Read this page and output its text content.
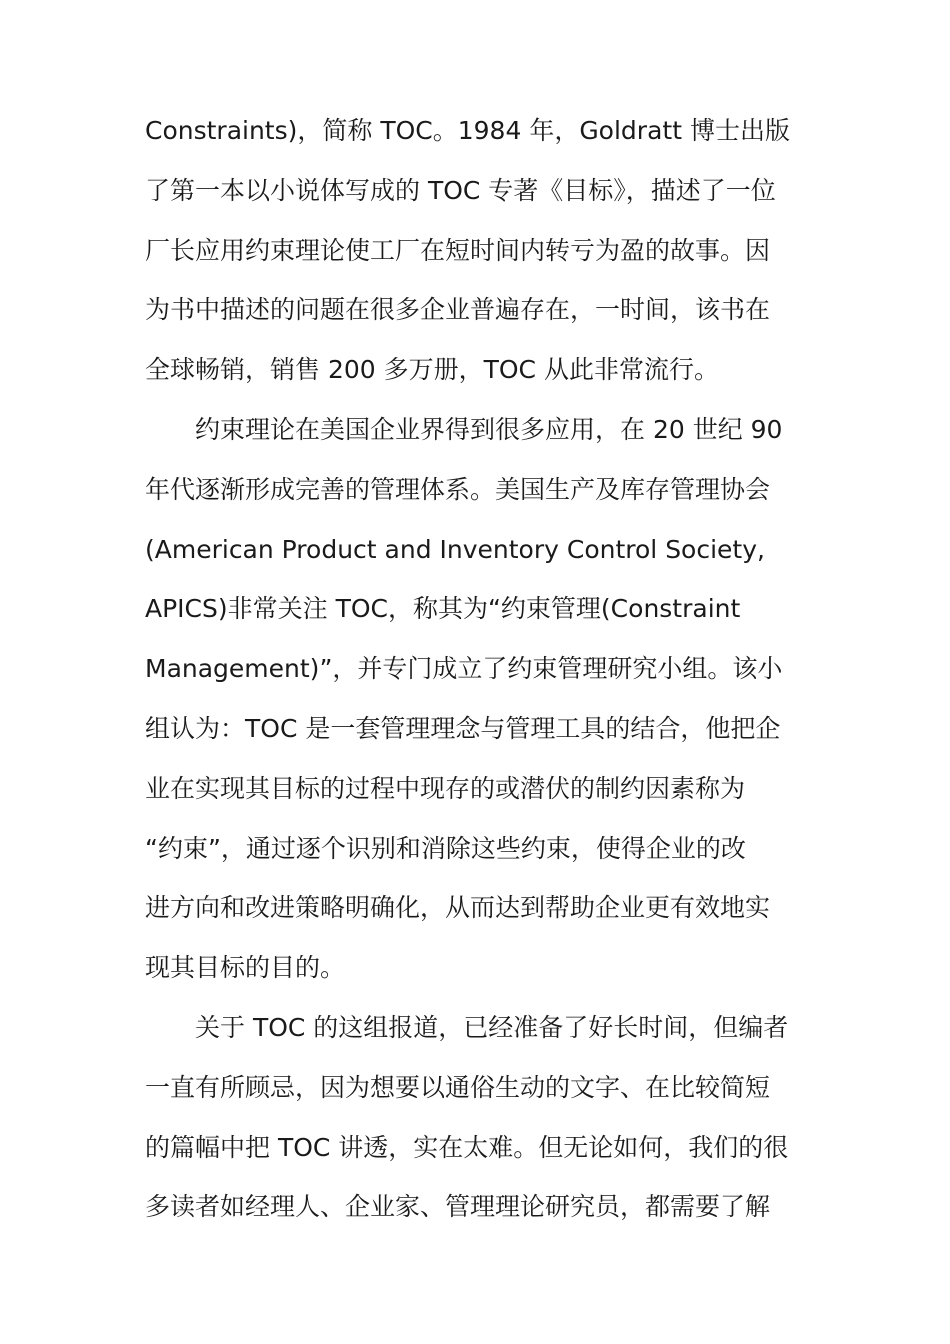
Constraints)，简称 TOC。1984 年，Goldratt 博士出版
了第一本以小说体写成的 TOC 专著《目标》，描述了一位
厂长应用约束理论使工厂在短时间内转亏为盈的故事。因
为书中描述的问题在很多企业普遍存在，一时间，该书在
全球畅销，销售 200 多万册，TOC 从此非常流行。
约束理论在美国企业界得到很多应用，在 20 世纪 90
年代逐渐形成完善的管理体系。美国生产及库存管理协会
(American Product and Inventory Control Society,
APICS)非常关注 TOC，称其为“约束管理(Constraint
Management)”，并专门成立了约束管理研究小组。该小
组认为：TOC 是一套管理理念与管理工具的结合，他把企
业在实现其目标的过程中现存的或潜伏的制约因素称为
“约束”，通过逐个识别和消除这些约束，使得企业的改
进方向和改进策略明确化，从而达到帮助企业更有效地实
现其目标的目的。
关于 TOC 的这组报道，已经准备了好长时间，但编者
一直有所顾忌，因为想要以通俗生动的文字、在比较简短
的篇幅中把 TOC 讲透，实在太难。但无论如何，我们的很
多读者如经理人、企业家、管理理论研究员，都需要了解
